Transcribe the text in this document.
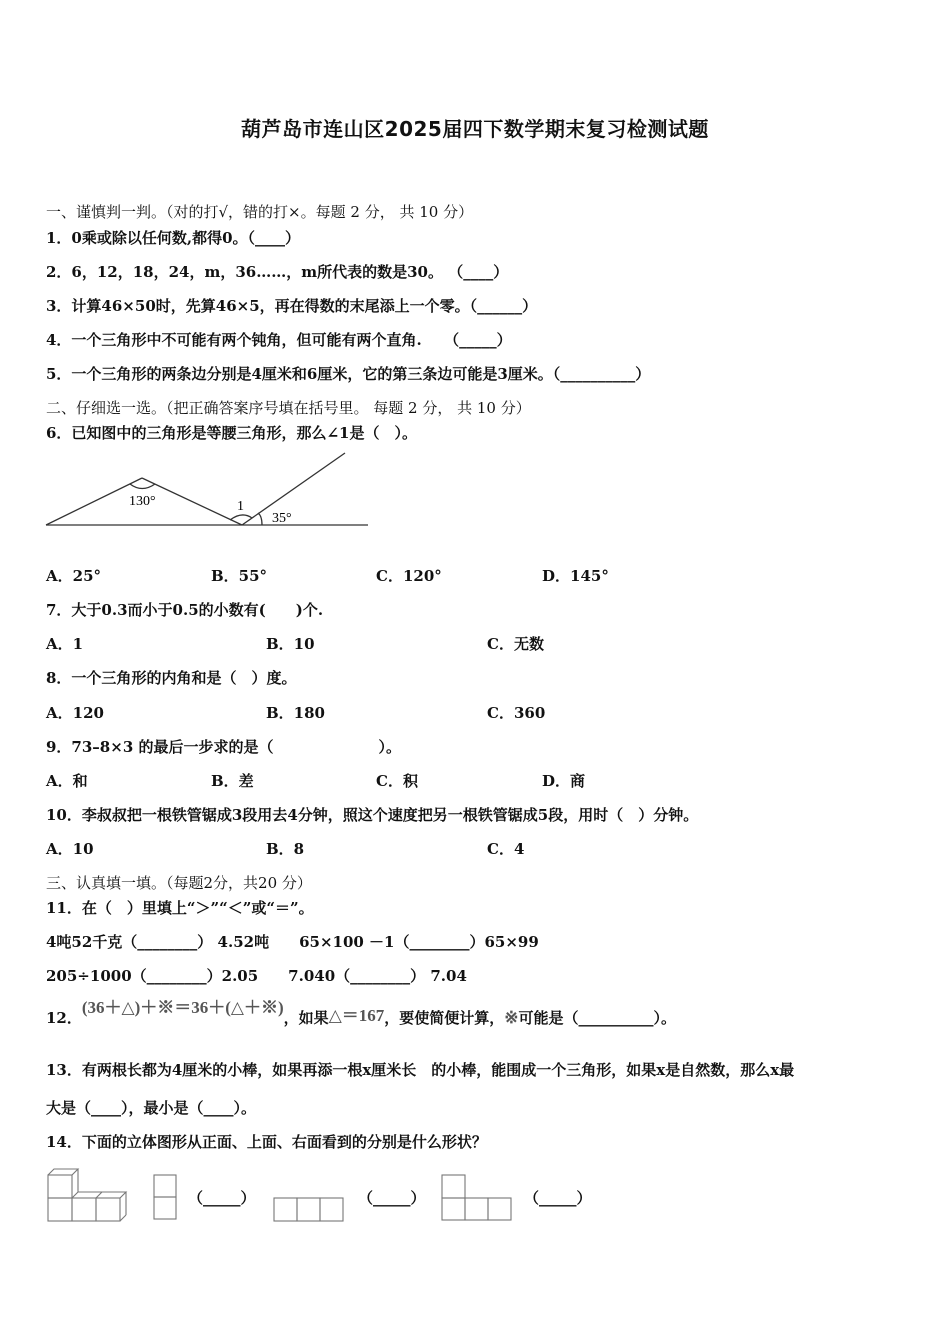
葫芦岛市连山区2025届四下数学期末复习检测试题
一、谨慎判一判。（对的打√，错的打×。每题 2 分， 共 10 分）
1．0乘或除以任何数,都得0。（____）
2．6，12，18，24，m，36……，m所代表的数是30。 （____）
3．计算46×50时，先算46×5，再在得数的末尾添上一个零。（______）
4．一个三角形中不可能有两个钝角，但可能有两个直角.　　（_____）
5．一个三角形的两条边分别是4厘米和6厘米，它的第三条边可能是3厘米。（__________）
二、仔细选一选。（把正确答案序号填在括号里。 每题 2 分， 共 10 分）
6．已知图中的三角形是等腰三角形，那么∠1是（　）。
130°	1
35°
A．25°	B．55°	C．120°	D．145°
7．大于0.3而小于0.5的小数有(　　)个.
A．1	B．10	C．无数
8．一个三角形的内角和是（　）度。
A．120	B．180	C．360
9．73–8×3 的最后一步求的是（　　　　　　　）。
A．和	B．差	C．积	D．商
10．李叔叔把一根铁管锯成3段用去4分钟，照这个速度把另一根铁管锯成5段，用时（　）分钟。
A．10	B．8	C．4
三、认真填一填。（每题2分，共20 分）
11．在（　）里填上“＞”“＜”或“＝”。
4吨52千克（________） 4.52吨　　65×100 －1（________）65×99
205÷1000（________）2.05　　7.040（________） 7.04
12．(36＋△)＋※＝36＋(△＋※)，如果△＝167，要使简便计算，※可能是（__________）。
13．有两根长都为4厘米的小棒，如果再添一根x厘米长　的小棒，能围成一个三角形，如果x是自然数，那么x最
大是（____），最小是（____）。
14．下面的立体图形从正面、上面、右面看到的分别是什么形状？
（_____）	（_____）	（_____）
